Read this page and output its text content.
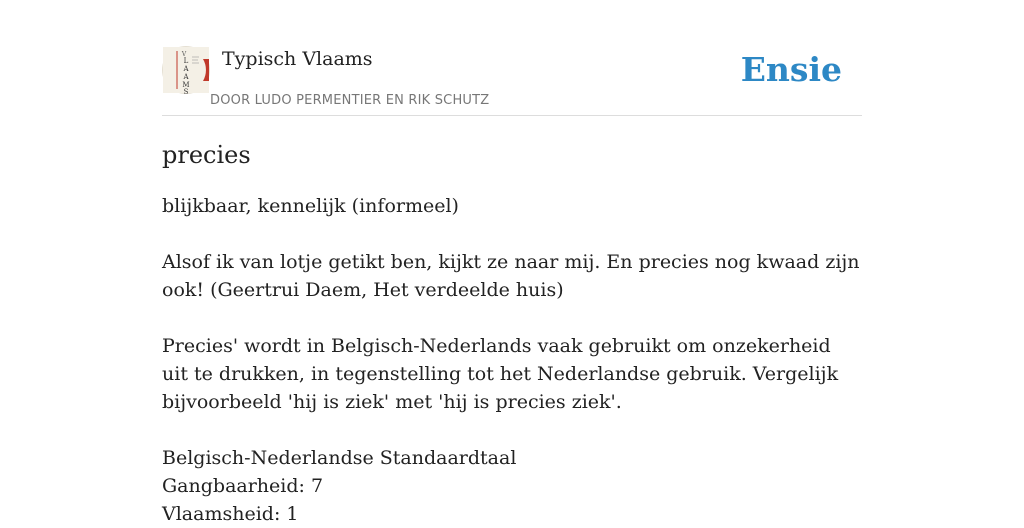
V
L
A
A
M
S
Typisch Vlaams
DOOR LUDO PERMENTIER EN RIK SCHUTZ
Ensie
precies

blijkbaar, kennelijk (informeel)

Alsof ik van lotje getikt ben, kijkt ze naar mij. En precies nog kwaad zijn ook! (Geertrui Daem, Het verdeelde huis)

Precies' wordt in Belgisch-Nederlands vaak gebruikt om onzekerheid uit te drukken, in tegenstelling tot het Nederlandse gebruik. Vergelijk bijvoorbeeld 'hij is ziek' met 'hij is precies ziek'.

Belgisch-Nederlandse Standaardtaal

Gangbaarheid: 7

Vlaamsheid: 1
